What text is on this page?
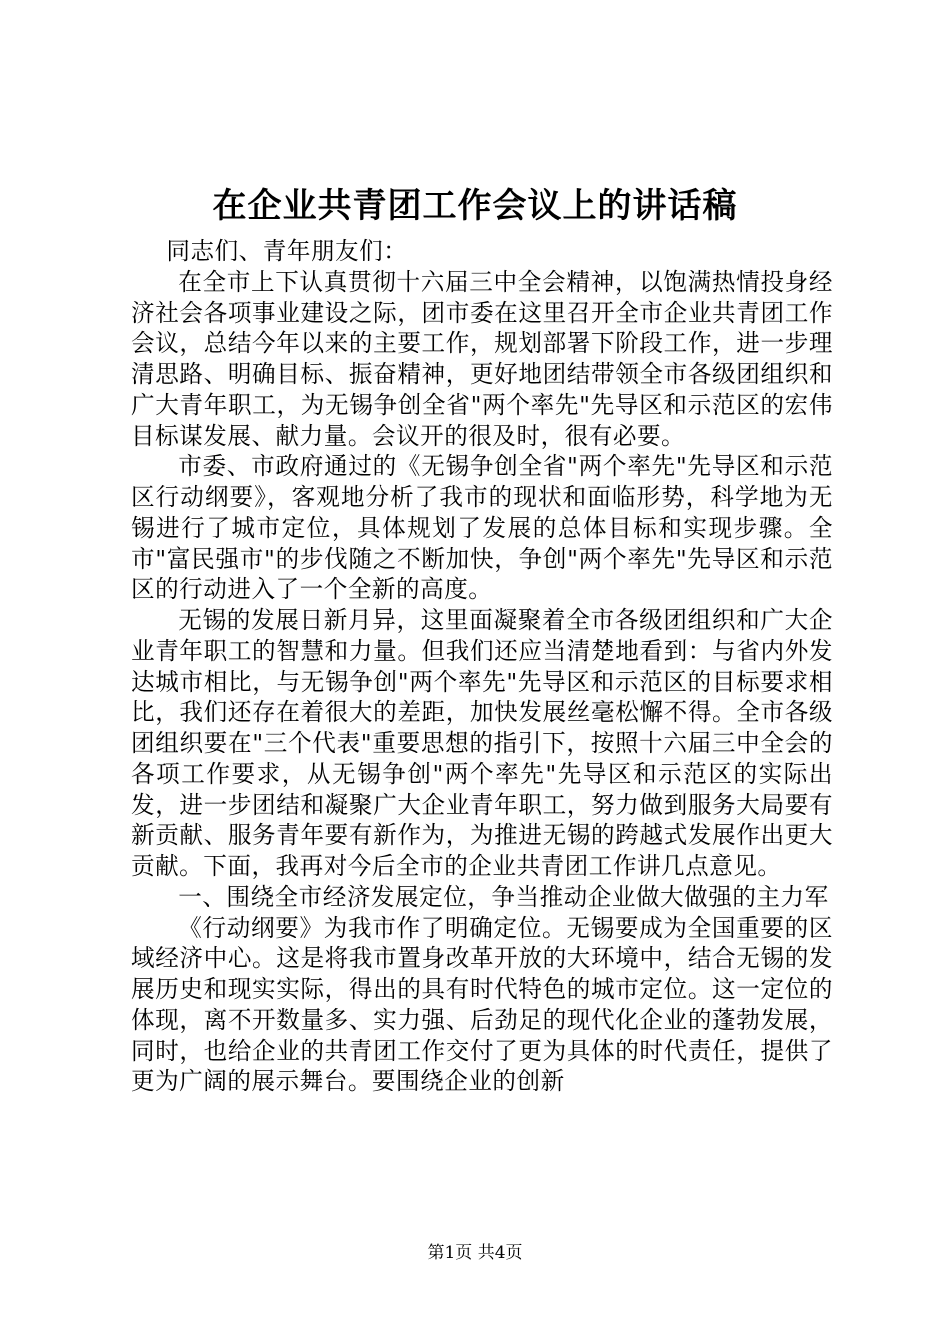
在企业共青团工作会议上的讲话稿

同志们、青年朋友们：

在全市上下认真贯彻十六届三中全会精神，以饱满热情投身经济社会各项事业建设之际，团市委在这里召开全市企业共青团工作会议，总结今年以来的主要工作，规划部署下阶段工作，进一步理清思路、明确目标、振奋精神，更好地团结带领全市各级团组织和广大青年职工，为无锡争创全省"两个率先"先导区和示范区的宏伟目标谋发展、献力量。会议开的很及时，很有必要。

市委、市政府通过的《无锡争创全省"两个率先"先导区和示范区行动纲要》，客观地分析了我市的现状和面临形势，科学地为无锡进行了城市定位，具体规划了发展的总体目标和实现步骤。全市"富民强市"的步伐随之不断加快，争创"两个率先"先导区和示范区的行动进入了一个全新的高度。

无锡的发展日新月异，这里面凝聚着全市各级团组织和广大企业青年职工的智慧和力量。但我们还应当清楚地看到：与省内外发达城市相比，与无锡争创"两个率先"先导区和示范区的目标要求相比，我们还存在着很大的差距，加快发展丝毫松懈不得。全市各级团组织要在"三个代表"重要思想的指引下，按照十六届三中全会的各项工作要求，从无锡争创"两个率先"先导区和示范区的实际出发，进一步团结和凝聚广大企业青年职工，努力做到服务大局要有新贡献、服务青年要有新作为，为推进无锡的跨越式发展作出更大贡献。下面，我再对今后全市的企业共青团工作讲几点意见。

一、围绕全市经济发展定位，争当推动企业做大做强的主力军

《行动纲要》为我市作了明确定位。无锡要成为全国重要的区域经济中心。这是将我市置身改革开放的大环境中，结合无锡的发展历史和现实实际，得出的具有时代特色的城市定位。这一定位的体现，离不开数量多、实力强、后劲足的现代化企业的蓬勃发展，同时，也给企业的共青团工作交付了更为具体的时代责任，提供了更为广阔的展示舞台。要围绕企业的创新

第1页 共4页
